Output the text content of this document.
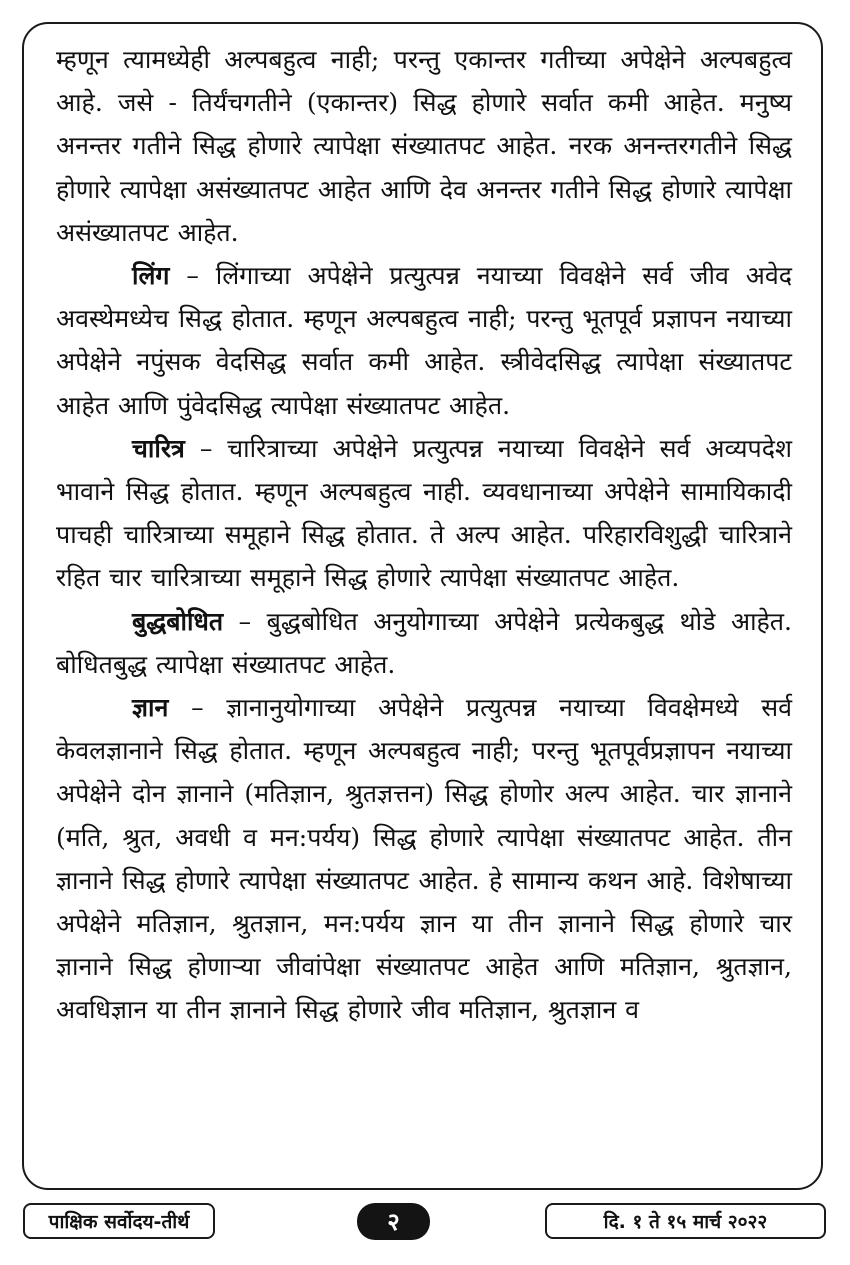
म्हणून त्यामध्येही अल्पबहुत्व नाही; परन्तु एकान्तर गतीच्या अपेक्षेने अल्पबहुत्व आहे. जसे - तिर्यंचगतीने (एकान्तर) सिद्ध होणारे सर्वात कमी आहेत. मनुष्य अनन्तर गतीने सिद्ध होणारे त्यापेक्षा संख्यातपट आहेत. नरक अनन्तरगतीने सिद्ध होणारे त्यापेक्षा असंख्यातपट आहेत आणि देव अनन्तर गतीने सिद्ध होणारे त्यापेक्षा असंख्यातपट आहेत.

लिंग – लिंगाच्या अपेक्षेने प्रत्युत्पन्न नयाच्या विवक्षेने सर्व जीव अवेद अवस्थेमध्येच सिद्ध होतात. म्हणून अल्पबहुत्व नाही; परन्तु भूतपूर्व प्रज्ञापन नयाच्या अपेक्षेने नपुंसक वेदसिद्ध सर्वात कमी आहेत. स्त्रीवेदसिद्ध त्यापेक्षा संख्यातपट आहेत आणि पुंवेदसिद्ध त्यापेक्षा संख्यातपट आहेत.

चारित्र – चारित्राच्या अपेक्षेने प्रत्युत्पन्न नयाच्या विवक्षेने सर्व अव्यपदेश भावाने सिद्ध होतात. म्हणून अल्पबहुत्व नाही. व्यवधानाच्या अपेक्षेने सामायिकादी पाचही चारित्राच्या समूहाने सिद्ध होतात. ते अल्प आहेत. परिहारविशुद्धी चारित्राने रहित चार चारित्राच्या समूहाने सिद्ध होणारे त्यापेक्षा संख्यातपट आहेत.

बुद्धबोधित – बुद्धबोधित अनुयोगाच्या अपेक्षेने प्रत्येकबुद्ध थोडे आहेत. बोधितबुद्ध त्यापेक्षा संख्यातपट आहेत.

ज्ञान – ज्ञानानुयोगाच्या अपेक्षेने प्रत्युत्पन्न नयाच्या विवक्षेमध्ये सर्व केवलज्ञानाने सिद्ध होतात. म्हणून अल्पबहुत्व नाही; परन्तु भूतपूर्वप्रज्ञापन नयाच्या अपेक्षेने दोन ज्ञानाने (मतिज्ञान, श्रुतज्ञत्तन) सिद्ध होणोर अल्प आहेत. चार ज्ञानाने (मति, श्रुत, अवधी व मन:पर्यय) सिद्ध होणारे त्यापेक्षा संख्यातपट आहेत. तीन ज्ञानाने सिद्ध होणारे त्यापेक्षा संख्यातपट आहेत. हे सामान्य कथन आहे. विशेषाच्या अपेक्षेने मतिज्ञान, श्रुतज्ञान, मन:पर्यय ज्ञान या तीन ज्ञानाने सिद्ध होणारे चार ज्ञानाने सिद्ध होणाऱ्या जीवांपेक्षा संख्यातपट आहेत आणि मतिज्ञान, श्रुतज्ञान, अवधिज्ञान या तीन ज्ञानाने सिद्ध होणारे जीव मतिज्ञान, श्रुतज्ञान व

पाक्षिक सर्वोदय-तीर्थ	२	दि. १ ते १५ मार्च २०२२
